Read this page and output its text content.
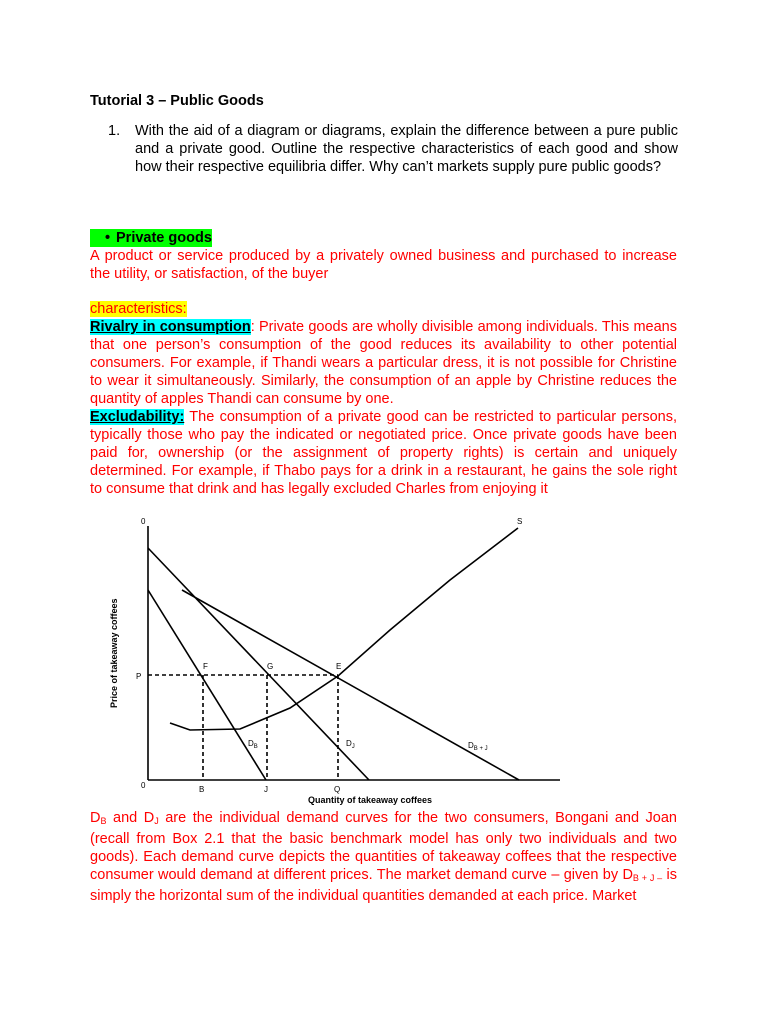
Tutorial 3 – Public Goods
1. With the aid of a diagram or diagrams, explain the difference between a pure public and a private good. Outline the respective characteristics of each good and show how their respective equilibria differ. Why can’t markets supply pure public goods?
• Private goods
A product or service produced by a privately owned business and purchased to increase the utility, or satisfaction, of the buyer
characteristics:
Rivalry in consumption: Private goods are wholly divisible among individuals. This means that one person’s consumption of the good reduces its availability to other potential consumers. For example, if Thandi wears a particular dress, it is not possible for Christine to wear it simultaneously. Similarly, the consumption of an apple by Christine reduces the quantity of apples Thandi can consume by one.
Excludability: The consumption of a private good can be restricted to particular persons, typically those who pay the indicated or negotiated price. Once private goods have been paid for, ownership (or the assignment of property rights) is certain and uniquely determined. For example, if Thabo pays for a drink in a restaurant, he gains the sole right to consume that drink and has legally excluded Charles from enjoying it
0
0
Price of takeaway coffees
Quantity of takeaway coffees
P
B	J	Q
F	G	E
S
$D_B$	$D_J$	$D_{B + J}$
$D_B$ and $D_J$ are the individual demand curves for the two consumers, Bongani and Joan (recall from Box 2.1 that the basic benchmark model has only two individuals and two goods). Each demand curve depicts the quantities of takeaway coffees that the respective consumer would demand at different prices. The market demand curve – given by $D_{B + J -}$ is simply the horizontal sum of the individual quantities demanded at each price. Market
